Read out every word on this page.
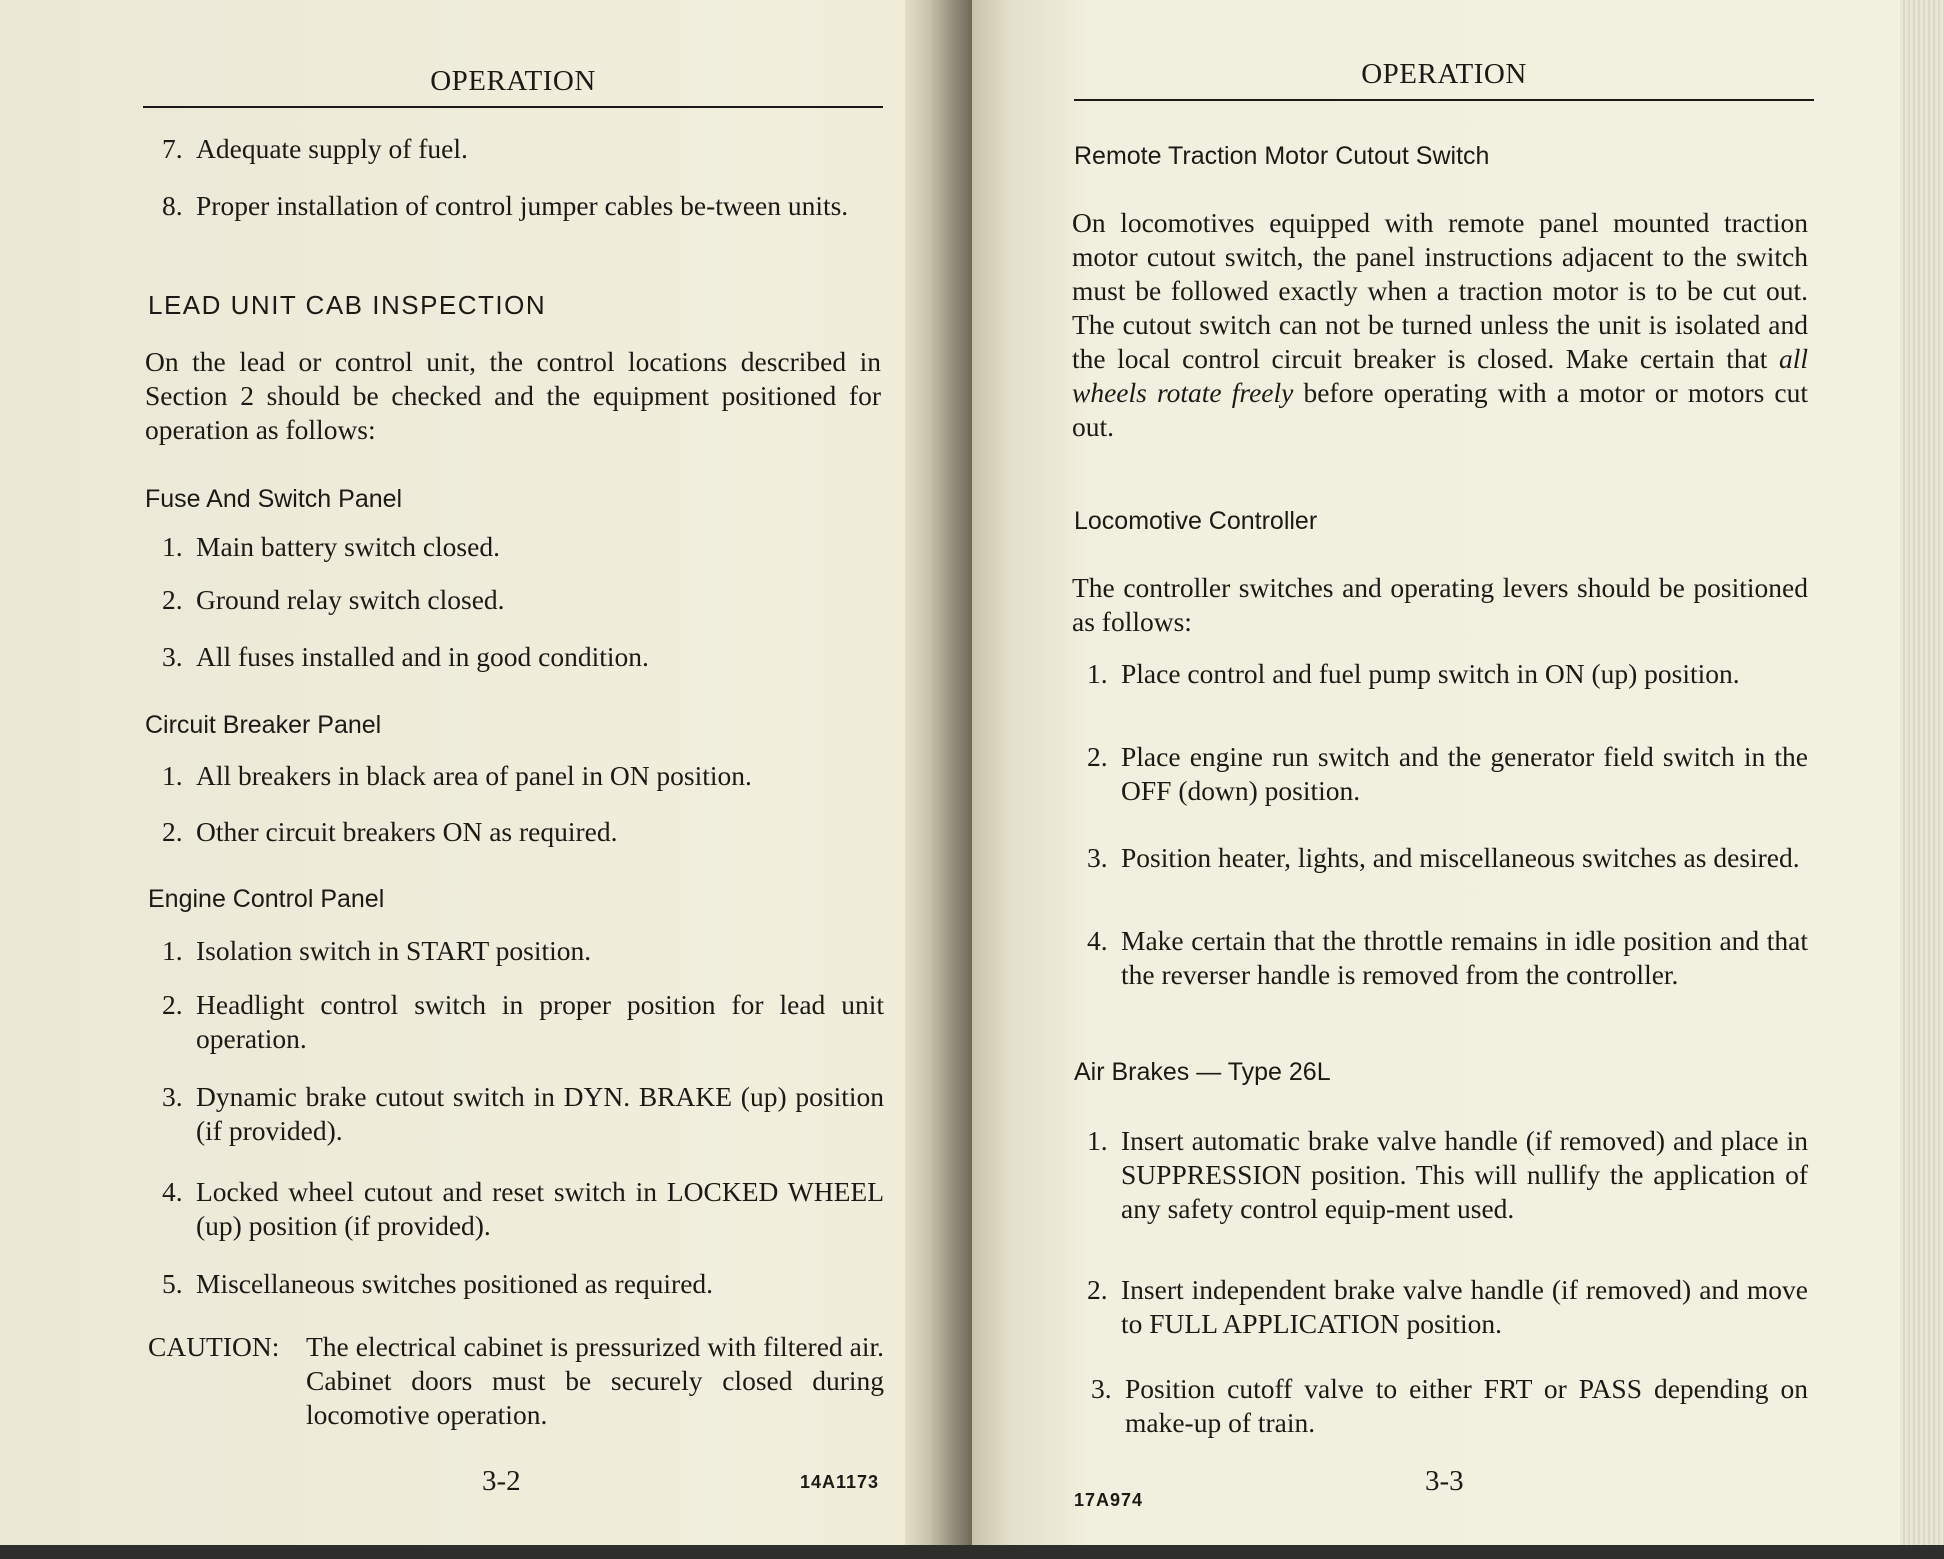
OPERATION
7. Adequate supply of fuel.
8. Proper installation of control jumper cables be-tween units.
LEAD UNIT CAB INSPECTION
On the lead or control unit, the control locations described in Section 2 should be checked and the equipment positioned for operation as follows:
Fuse And Switch Panel
1. Main battery switch closed.
2. Ground relay switch closed.
3. All fuses installed and in good condition.
Circuit Breaker Panel
1. All breakers in black area of panel in ON position.
2. Other circuit breakers ON as required.
Engine Control Panel
1. Isolation switch in START position.
2. Headlight control switch in proper position for lead unit operation.
3. Dynamic brake cutout switch in DYN. BRAKE (up) position (if provided).
4. Locked wheel cutout and reset switch in LOCKED WHEEL (up) position (if provided).
5. Miscellaneous switches positioned as required.
CAUTION: The electrical cabinet is pressurized with filtered air. Cabinet doors must be securely closed during locomotive operation.
3-2	14A1173
OPERATION
Remote Traction Motor Cutout Switch
On locomotives equipped with remote panel mounted traction motor cutout switch, the panel instructions adjacent to the switch must be followed exactly when a traction motor is to be cut out. The cutout switch can not be turned unless the unit is isolated and the local control circuit breaker is closed. Make certain that all wheels rotate freely before operating with a motor or motors cut out.
Locomotive Controller
The controller switches and operating levers should be positioned as follows:
1. Place control and fuel pump switch in ON (up) position.
2. Place engine run switch and the generator field switch in the OFF (down) position.
3. Position heater, lights, and miscellaneous switches as desired.
4. Make certain that the throttle remains in idle position and that the reverser handle is removed from the controller.
Air Brakes — Type 26L
1. Insert automatic brake valve handle (if removed) and place in SUPPRESSION position. This will nullify the application of any safety control equip-ment used.
2. Insert independent brake valve handle (if removed) and move to FULL APPLICATION position.
3. Position cutoff valve to either FRT or PASS depending on make-up of train.
3-3
17A974
